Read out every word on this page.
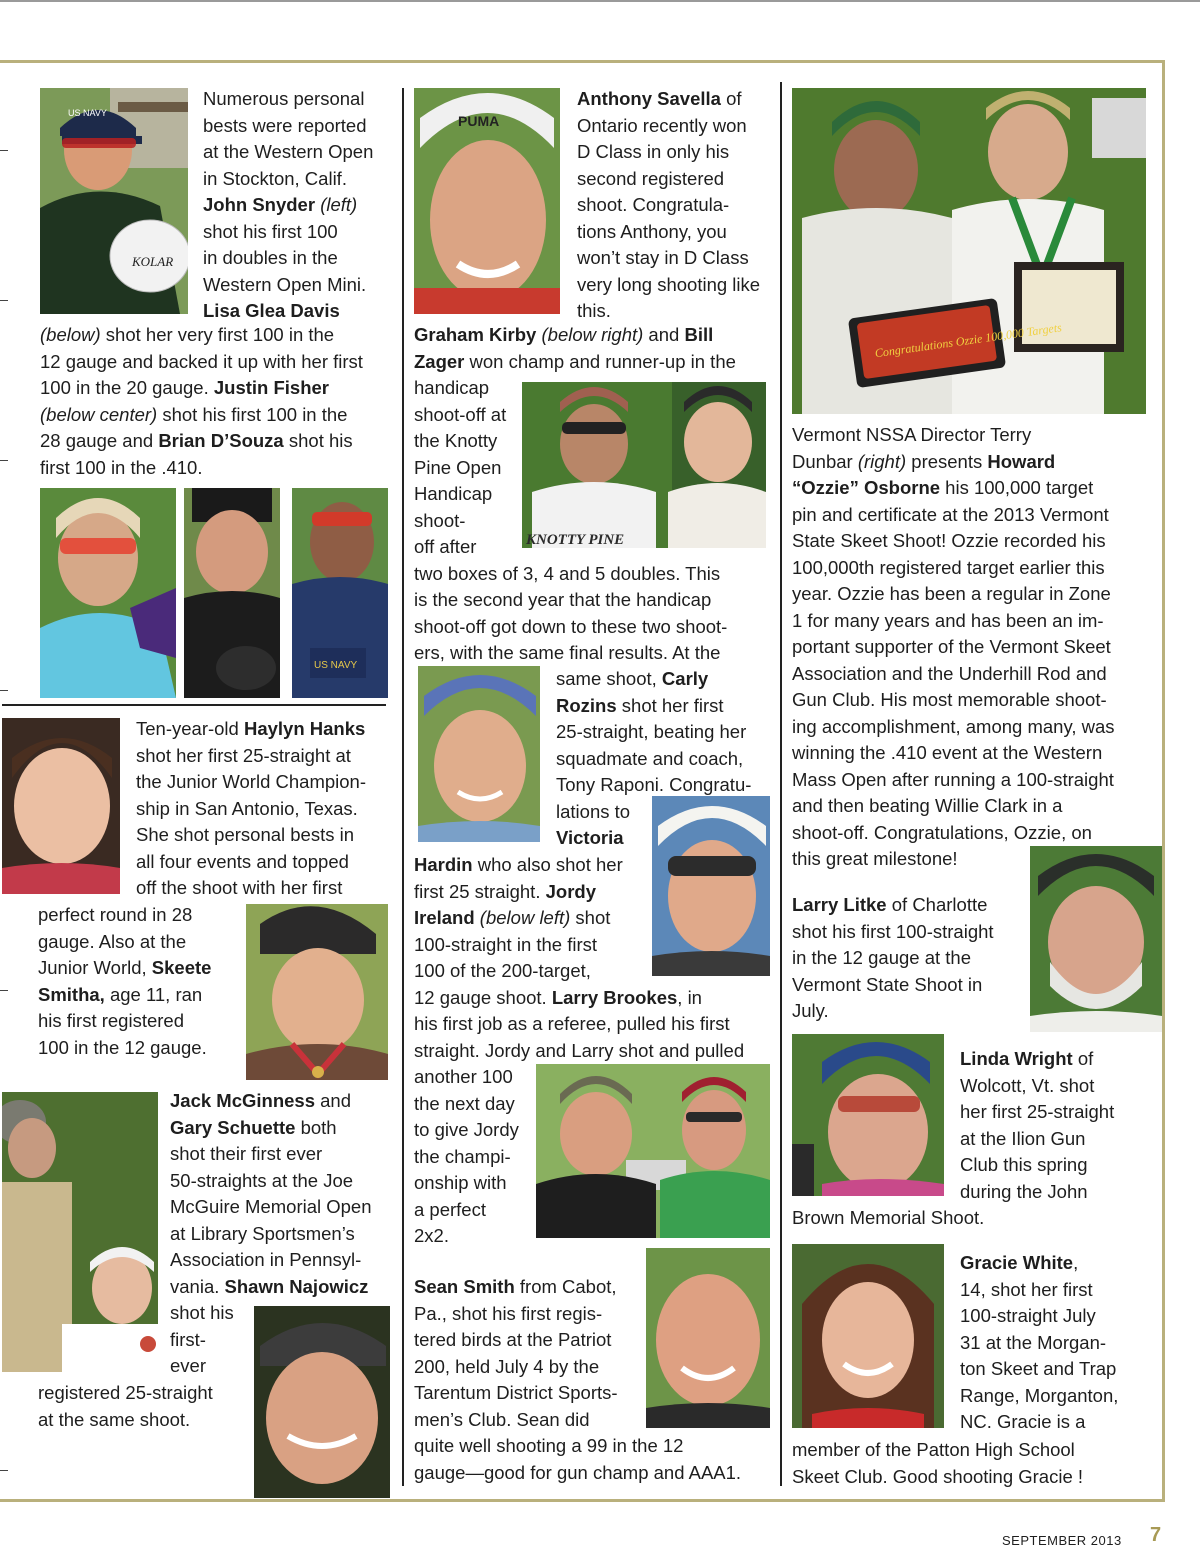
KOLAR
US NAVY
Numerous personal
bests were reported
at the Western Open
in Stockton, Calif.
John Snyder (left)
shot his first 100
in doubles in the
Western Open Mini.
Lisa Glea Davis
(below) shot her very first 100 in the
12 gauge and backed it up with her first
100 in the 20 gauge. Justin Fisher
(below center) shot his first 100 in the
28 gauge and Brian D’Souza shot his
first 100 in the .410.
US NAVY
Ten-year-old Haylyn Hanks
shot her first 25-straight at
the Junior World Champion-
ship in San Antonio, Texas.
She shot personal bests in
all four events and topped
off the shoot with her first
perfect round in 28
gauge. Also at the
Junior World, Skeete
Smitha, age 11, ran
his first registered
100 in the 12 gauge.
Jack McGinness and
Gary Schuette both
shot their first ever
50-straights at the Joe
McGuire Memorial Open
at Library Sportsmen’s
Association in Pennsyl-
vania. Shawn Najowicz
shot his
first-
ever
registered 25-straight
at the same shoot.
PUMA
Anthony Savella of
Ontario recently won
D Class in only his
second registered
shoot. Congratula-
tions Anthony, you
won’t stay in D Class
very long shooting like
this.
Graham Kirby (below right) and Bill
Zager won champ and runner-up in the
handicap
shoot-off at
the Knotty
Pine Open
Handicap
shoot-
off after
two boxes of 3, 4 and 5 doubles. This
is the second year that the handicap
shoot-off got down to these two shoot-
ers, with the same final results. At the
KNOTTY PINE
same shoot, Carly
Rozins shot her first
25-straight, beating her
squadmate and coach,
Tony Raponi. Congratu-
lations to
Victoria
Hardin who also shot her
first 25 straight. Jordy
Ireland (below left) shot
100-straight in the first
100 of the 200-target,
12 gauge shoot. Larry Brookes, in
his first job as a referee, pulled his first
straight. Jordy and Larry shot and pulled
another 100
the next day
to give Jordy
the champi-
onship with
a perfect
2x2.
Sean Smith from Cabot,
Pa., shot his first regis-
tered birds at the Patriot
200, held July 4 by the
Tarentum District Sports-
men’s Club. Sean did
quite well shooting a 99 in the 12
gauge—good for gun champ and AAA1.
Congratulations Ozzie 100,000 Targets
Vermont NSSA Director Terry
Dunbar (right) presents Howard
“Ozzie” Osborne his 100,000 target
pin and certificate at the 2013 Vermont
State Skeet Shoot! Ozzie recorded his
100,000th registered target earlier this
year. Ozzie has been a regular in Zone
1 for many years and has been an im-
portant supporter of the Vermont Skeet
Association and the Underhill Rod and
Gun Club. His most memorable shoot-
ing accomplishment, among many, was
winning the .410 event at the Western
Mass Open after running a 100-straight
and then beating Willie Clark in a
shoot-off. Congratulations, Ozzie, on
this great milestone!
Larry Litke of Charlotte
shot his first 100-straight
in the 12 gauge at the
Vermont State Shoot in
July.
Linda Wright of
Wolcott, Vt. shot
her first 25-straight
at the Ilion Gun
Club this spring
during the John
Brown Memorial Shoot.
Gracie White,
14, shot her first
100-straight July
31 at the Morgan-
ton Skeet and Trap
Range, Morganton,
NC. Gracie is a
member of the Patton High School
Skeet Club. Good shooting Gracie !
SEPTEMBER 2013 7
